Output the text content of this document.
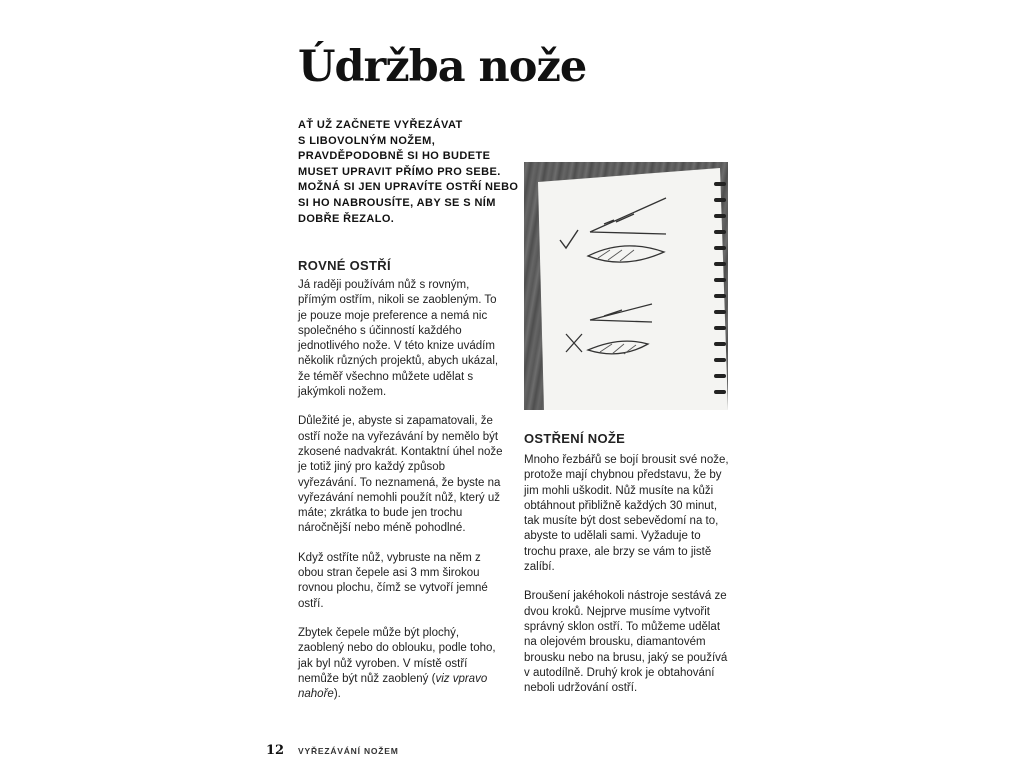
Údržba nože
AŤ UŽ ZAČNETE VYŘEZÁVAT
S LIBOVOLNÝM NOŽEM,
PRAVDĚPODOBNĚ SI HO BUDETE
MUSET UPRAVIT PŘÍMO PRO SEBE.
MOŽNÁ SI JEN UPRAVÍTE OSTŘÍ NEBO
SI HO NABROUSÍTE, ABY SE S NÍM
DOBŘE ŘEZALO.
ROVNÉ OSTŘÍ

Já raději používám nůž s rovným, přímým ostřím, nikoli se zaobleným. To je pouze moje preference a nemá nic společného s účinností každého jednotlivého nože. V této knize uvádím několik různých projektů, abych ukázal, že téměř všechno můžete udělat s jakýmkoli nožem.

Důležité je, abyste si zapamatovali, že ostří nože na vyřezávání by nemělo být zkosené nadvakrát. Kontaktní úhel nože je totiž jiný pro každý způsob vyřezávání. To neznamená, že byste na vyřezávání nemohli použít nůž, který už máte; zkrátka to bude jen trochu náročnější nebo méně pohodlné.

Když ostříte nůž, vybruste na něm z obou stran čepele asi 3 mm širokou rovnou plochu, čímž se vytvoří jemné ostří.

Zbytek čepele může být plochý, zaoblený nebo do oblouku, podle toho, jak byl nůž vyroben. V místě ostří nemůže být nůž zaoblený (viz vpravo nahoře).

OSTŘENÍ NOŽE

Mnoho řezbářů se bojí brousit své nože, protože mají chybnou představu, že by jim mohli uškodit. Nůž musíte na kůži obtáhnout přibližně každých 30 minut, tak musíte být dost sebevědomí na to, abyste to udělali sami. Vyžaduje to trochu praxe, ale brzy se vám to jistě zalíbí.

Broušení jakéhokoli nástroje sestává ze dvou kroků. Nejprve musíme vytvořit správný sklon ostří. To můžeme udělat na olejovém brousku, diamantovém brousku nebo na brusu, jaký se používá v autodílně. Druhý krok je obtahování neboli udržování ostří.

12 VYŘEZÁVÁNÍ NOŽEM
